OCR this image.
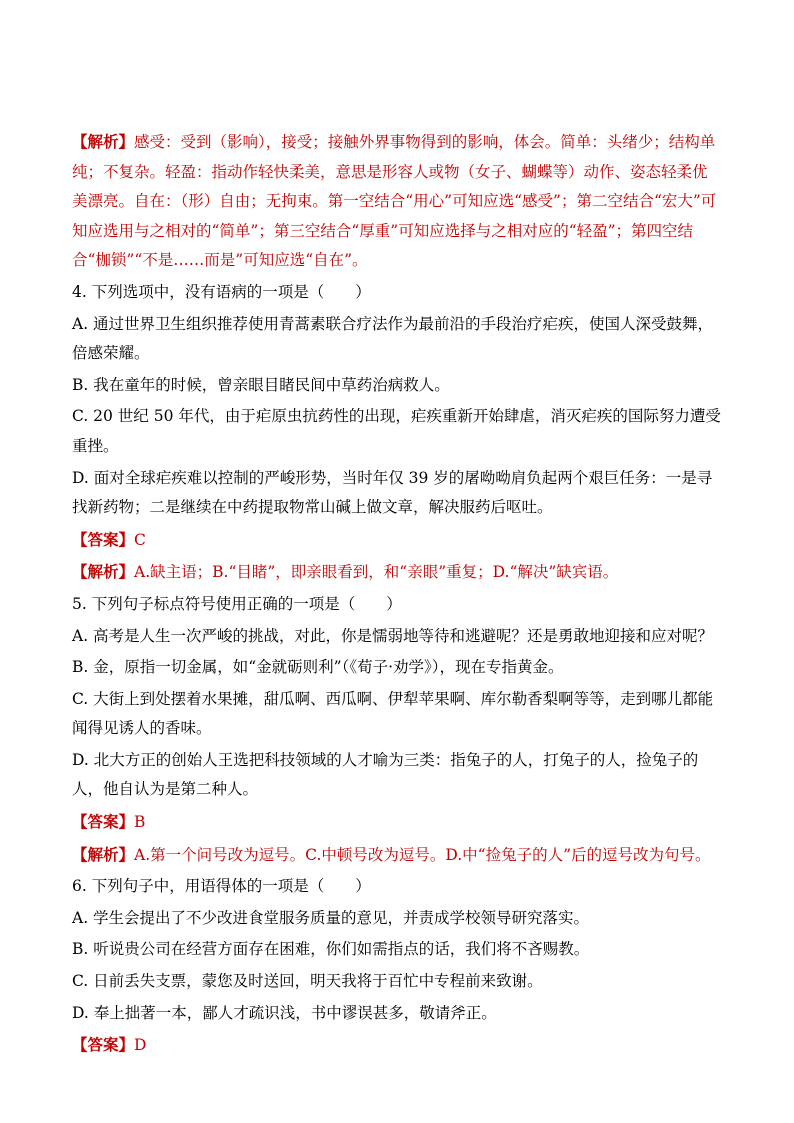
【解析】感受：受到（影响），接受；接触外界事物得到的影响，体会。简单：头绪少；结构单纯；不复杂。轻盈：指动作轻快柔美，意思是形容人或物（女子、蝴蝶等）动作、姿态轻柔优美漂亮。自在：（形）自由；无拘束。第一空结合“用心”可知应选“感受”；第二空结合“宏大”可知应选用与之相对的“简单”；第三空结合“厚重”可知应选择与之相对应的“轻盈”；第四空结合“枷锁”“不是……而是”可知应选“自在”。

4. 下列选项中，没有语病的一项是（　　）

A. 通过世界卫生组织推荐使用青蒿素联合疗法作为最前沿的手段治疗疟疾，使国人深受鼓舞，倍感荣耀。

B. 我在童年的时候，曾亲眼目睹民间中草药治病救人。

C. 20 世纪 50 年代，由于疟原虫抗药性的出现，疟疾重新开始肆虐，消灭疟疾的国际努力遭受重挫。

D. 面对全球疟疾难以控制的严峻形势，当时年仅 39 岁的屠呦呦肩负起两个艰巨任务：一是寻找新药物；二是继续在中药提取物常山碱上做文章，解决服药后呕吐。

【答案】C

【解析】A.缺主语；B.“目睹”，即亲眼看到，和“亲眼”重复；D.“解决”缺宾语。

5. 下列句子标点符号使用正确的一项是（　　）

A. 高考是人生一次严峻的挑战，对此，你是懦弱地等待和逃避呢？还是勇敢地迎接和应对呢？

B. 金，原指一切金属，如“金就砺则利”（《荀子·劝学》），现在专指黄金。

C. 大街上到处摆着水果摊，甜瓜啊、西瓜啊、伊犁苹果啊、库尔勒香梨啊等等，走到哪儿都能闻得见诱人的香味。

D. 北大方正的创始人王选把科技领域的人才喻为三类：指兔子的人，打兔子的人，捡兔子的人，他自认为是第二种人。

【答案】B

【解析】A.第一个问号改为逗号。C.中顿号改为逗号。D.中“捡兔子的人”后的逗号改为句号。

6. 下列句子中，用语得体的一项是（　　）

A. 学生会提出了不少改进食堂服务质量的意见，并责成学校领导研究落实。

B. 听说贵公司在经营方面存在困难，你们如需指点的话，我们将不吝赐教。

C. 日前丢失支票，蒙您及时送回，明天我将于百忙中专程前来致谢。

D. 奉上拙著一本，鄙人才疏识浅，书中谬误甚多，敬请斧正。

【答案】D
